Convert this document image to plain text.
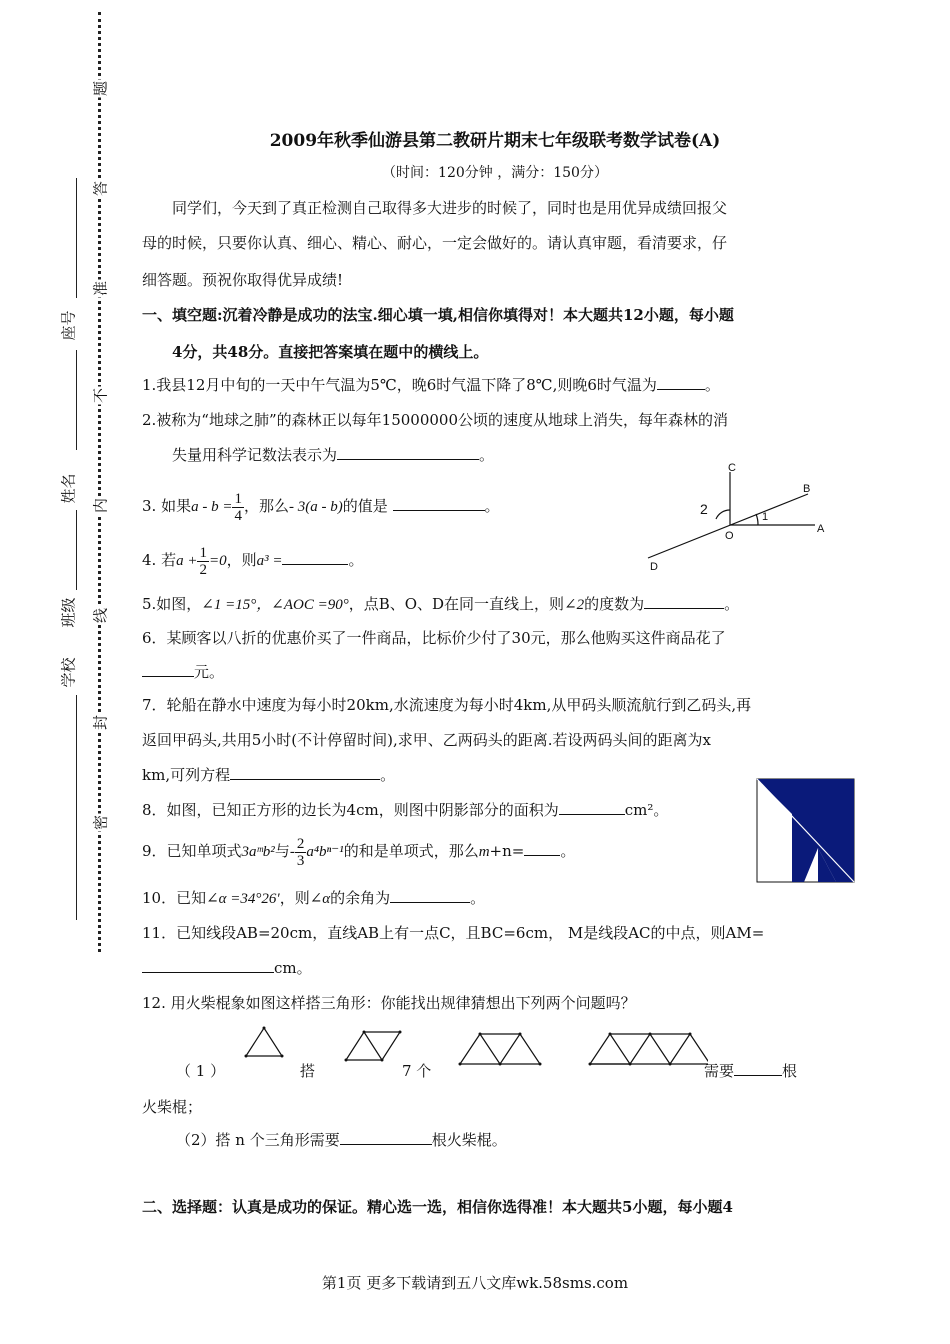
题
答
准
不
内
线
封
密
座号
姓名
班级
学校
2009年秋季仙游县第二教研片期末七年级联考数学试卷(A)
（时间：120分钟 ，满分：150分）
同学们，今天到了真正检测自己取得多大进步的时候了，同时也是用优异成绩回报父
母的时候，只要你认真、细心、精心、耐心，一定会做好的。请认真审题，看清要求，仔
细答题。预祝你取得优异成绩!
一、填空题:沉着冷静是成功的法宝.细心填一填,相信你填得对！本大题共12小题，每小题
4分，共48分。直接把答案填在题中的横线上。
1.我县12月中旬的一天中午气温为5℃，晚6时气温下降了8℃,则晚6时气温为	。
2.被称为“地球之肺”的森林正以每年15000000公顷的速度从地球上消失，每年森林的消
失量用科学记数法表示为	。
3. 如果$a - b = \frac{1}{4}$ ，那么- 3(a - b)的值是	。
4. 若$a + \frac{1}{2} =0$，则a³ =	。
5.如图，∠1 =15°，∠AOC =90°，点B、O、D在同一直线上，则∠2的度数为	。
6．某顾客以八折的优惠价买了一件商品，比标价少付了30元，那么他购买这件商品花了
元。
7．轮船在静水中速度为每小时20km,水流速度为每小时4km,从甲码头顺流航行到乙码头,再
返回甲码头,共用5小时(不计停留时间),求甲、乙两码头的距离.若设两码头间的距离为x
km,可列方程	。
8．如图，已知正方形的边长为4cm，则图中阴影部分的面积为	cm²。
9．已知单项式3aᵐb²与- $\frac{2}{3} a^4b^{n-1}$的和是单项式，那么m+n= 。
10．已知∠α =34°26′，则∠α的余角为	。
11．已知线段AB=20cm，直线AB上有一点C，且BC=6cm， M是线段AC的中点，则AM=
cm。
12. 用火柴棍象如图这样搭三角形：你能找出规律猜想出下列两个问题吗？
（ 1 ）	搭	7 个	需要	根
火柴棍；
（2）搭 n 个三角形需要	根火柴棍。
二、选择题：认真是成功的保证。精心选一选，相信你选得准！本大题共5小题，每小题4
C
B
A
O
D
1
2
第1页 更多下载请到五八文库wk.58sms.com
